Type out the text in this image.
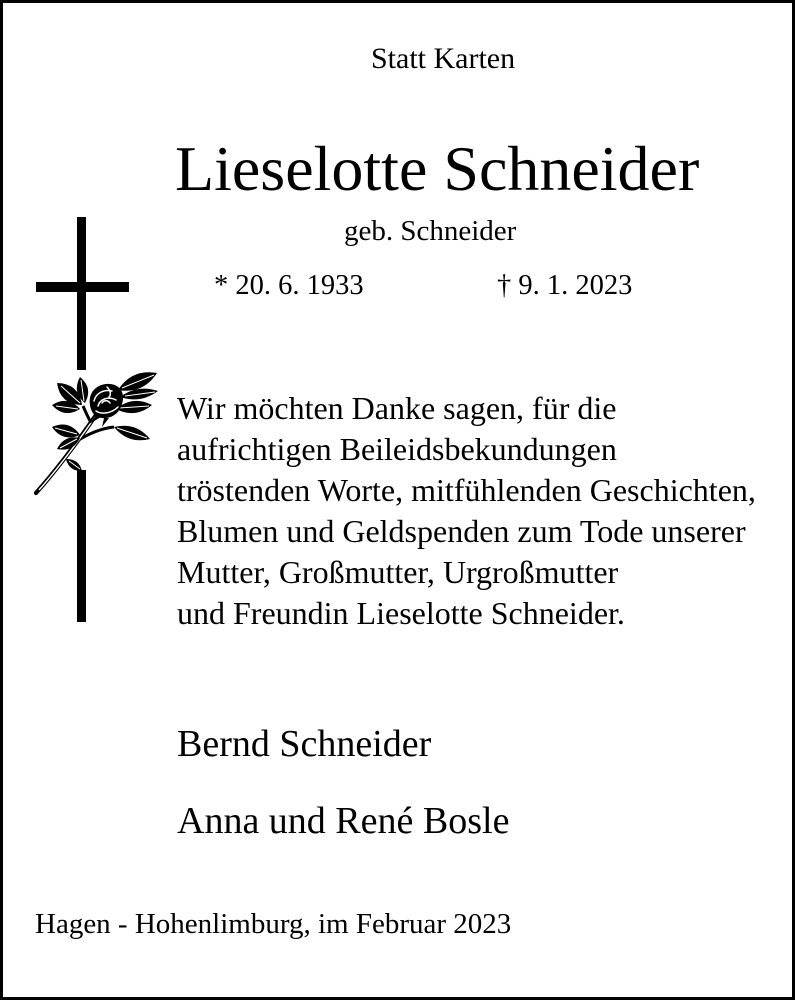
Statt Karten
Lieselotte Schneider
geb. Schneider
* 20. 6. 1933	† 9. 1. 2023
Wir möchten Danke sagen, für die
aufrichtigen Beileidsbekundungen
tröstenden Worte, mitfühlenden Geschichten,
Blumen und Geldspenden zum Tode unserer
Mutter, Großmutter, Urgroßmutter
und Freundin Lieselotte Schneider.
Bernd Schneider
Anna und René Bosle
Hagen - Hohenlimburg, im Februar 2023
